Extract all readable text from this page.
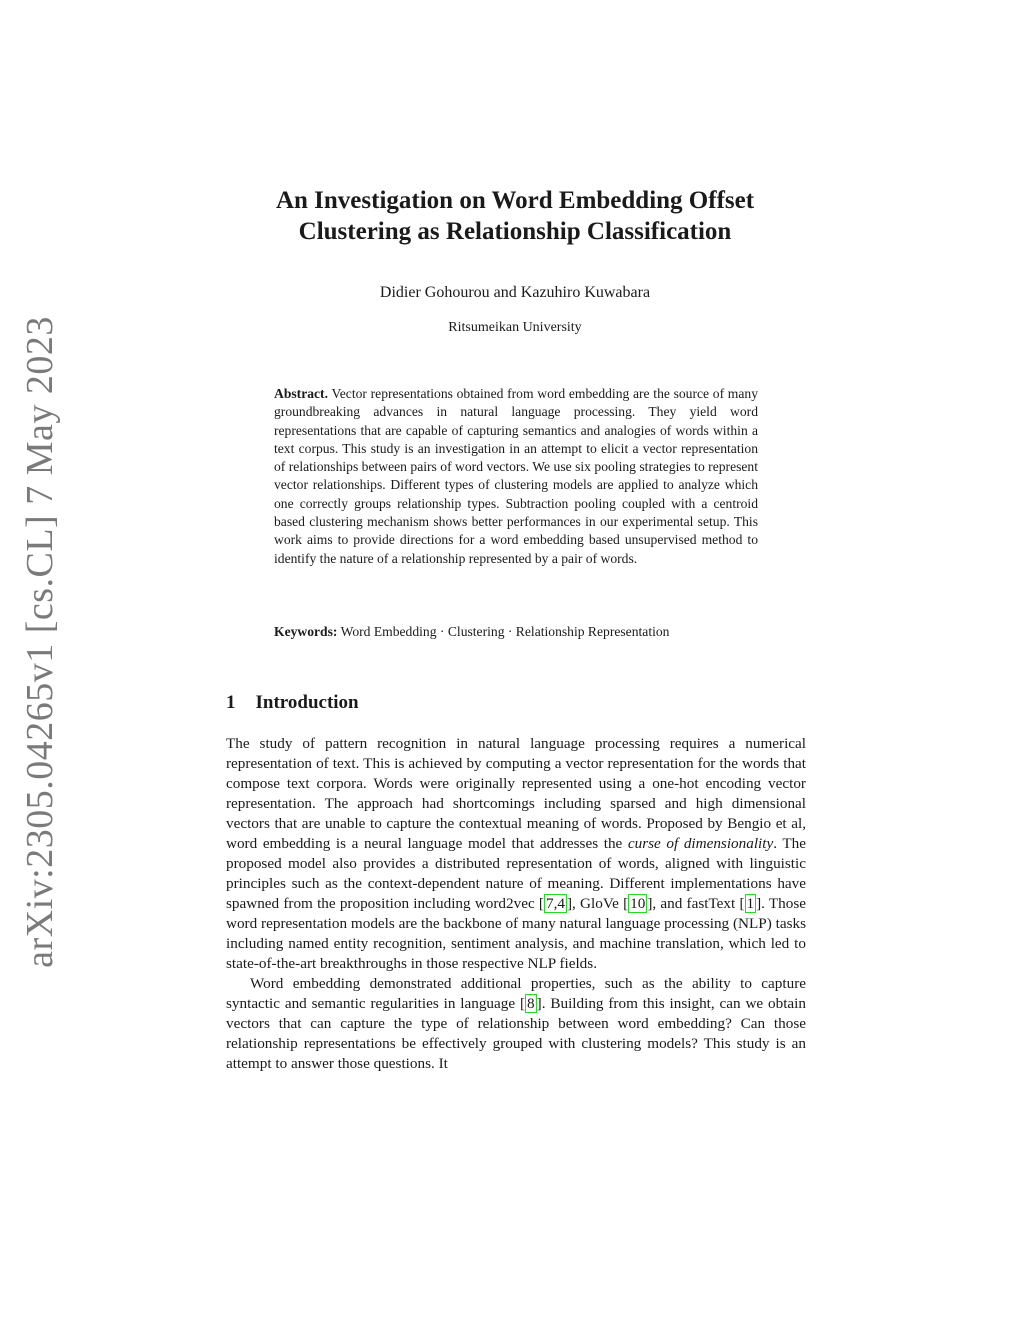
arXiv:2305.04265v1 [cs.CL] 7 May 2023
An Investigation on Word Embedding Offset
Clustering as Relationship Classification
Didier Gohourou and Kazuhiro Kuwabara
Ritsumeikan University

Abstract. Vector representations obtained from word embedding are the source of many groundbreaking advances in natural language processing. They yield word representations that are capable of capturing semantics and analogies of words within a text corpus. This study is an investigation in an attempt to elicit a vector representation of relationships between pairs of word vectors. We use six pooling strategies to represent vector relationships. Different types of clustering models are applied to analyze which one correctly groups relationship types. Subtraction pooling coupled with a centroid based clustering mechanism shows better performances in our experimental setup. This work aims to provide directions for a word embedding based unsupervised method to identify the nature of a relationship represented by a pair of words.

Keywords: Word Embedding · Clustering · Relationship Representation
1 Introduction

The study of pattern recognition in natural language processing requires a numerical representation of text. This is achieved by computing a vector representation for the words that compose text corpora. Words were originally represented using a one-hot encoding vector representation. The approach had shortcomings including sparsed and high dimensional vectors that are unable to capture the contextual meaning of words. Proposed by Bengio et al, word embedding is a neural language model that addresses the curse of dimensionality. The proposed model also provides a distributed representation of words, aligned with linguistic principles such as the context-dependent nature of meaning. Different implementations have spawned from the proposition including word2vec [ 7,4 ], GloVe [ 10 ], and fastText [ 1 ]. Those word representation models are the backbone of many natural language processing (NLP) tasks including named entity recognition, sentiment analysis, and machine translation, which led to state-of-the-art breakthroughs in those respective NLP fields.

Word embedding demonstrated additional properties, such as the ability to capture syntactic and semantic regularities in language [ 8 ]. Building from this insight, can we obtain vectors that can capture the type of relationship between word embedding? Can those relationship representations be effectively grouped with clustering models? This study is an attempt to answer those questions. It
